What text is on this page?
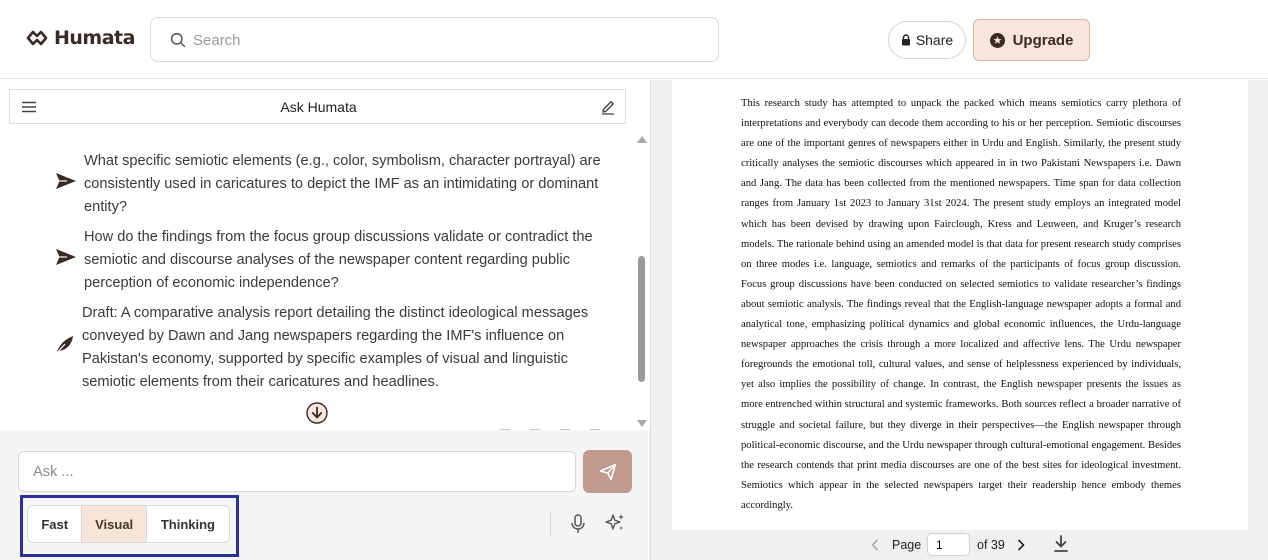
Humata
Search	Share	Upgrade
Ask Humata
What specific semiotic elements (e.g., color, symbolism, character portrayal) are consistently used in caricatures to depict the IMF as an intimidating or dominant entity?
How do the findings from the focus group discussions validate or contradict the semiotic and discourse analyses of the newspaper content regarding public perception of economic independence?
Draft: A comparative analysis report detailing the distinct ideological messages conveyed by Dawn and Jang newspapers regarding the IMF's influence on Pakistan's economy, supported by specific examples of visual and linguistic semiotic elements from their caricatures and headlines.
Ask ...
Fast	Visual	Thinking
This research study has attempted to unpack the packed which means semiotics carry plethora of interpretations and everybody can decode them according to his or her perception. Semiotic discourses are one of the important genres of newspapers either in Urdu and English. Similarly, the present study critically analyses the semiotic discourses which appeared in in two Pakistani Newspapers i.e. Dawn and Jang. The data has been collected from the mentioned newspapers. Time span for data collection ranges from January 1st 2023 to January 31st 2024. The present study employs an integrated model which has been devised by drawing upon Fairclough, Kress and Leuween, and Kruger’s research models. The rationale behind using an amended model is that data for present research study comprises on three modes i.e. language, semiotics and remarks of the participants of focus group discussion. Focus group discussions have been conducted on selected semiotics to validate researcher’s findings about semiotic analysis. The findings reveal that the English-language newspaper adopts a formal and analytical tone, emphasizing political dynamics and global economic influences, the Urdu-language newspaper approaches the crisis through a more localized and affective lens. The Urdu newspaper foregrounds the emotional toll, cultural values, and sense of helplessness experienced by individuals, yet also implies the possibility of change. In contrast, the English newspaper presents the issues as more entrenched within structural and systemic frameworks. Both sources reflect a broader narrative of struggle and societal failure, but they diverge in their perspectives—the English newspaper through political-economic discourse, and the Urdu newspaper through cultural-emotional engagement. Besides the research contends that print media discourses are one of the best sites for ideological investment. Semiotics which appear in the selected newspapers target their readership hence embody themes accordingly.
Page
1	of 39
